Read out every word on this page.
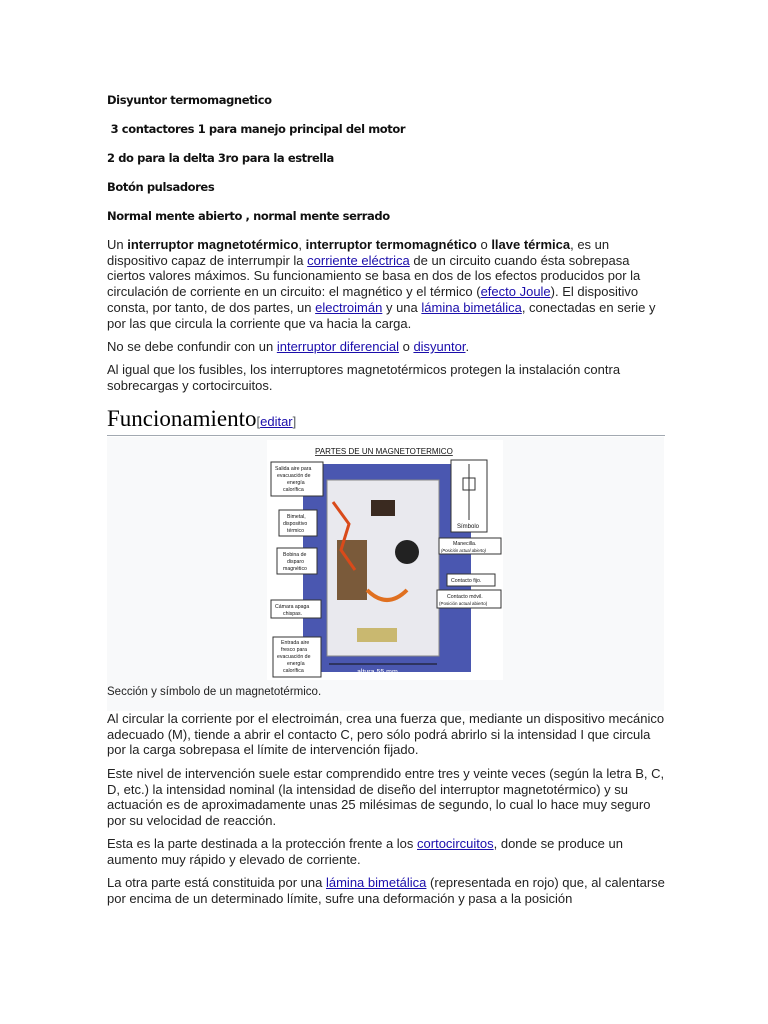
Disyuntor termomagnetico
3 contactores 1 para manejo principal del motor
2 do para la delta 3ro para la estrella
Botón pulsadores
Normal mente abierto , normal mente serrado

Un interruptor magnetotérmico, interruptor termomagnético o llave térmica, es un dispositivo capaz de interrumpir la corriente eléctrica de un circuito cuando ésta sobrepasa ciertos valores máximos. Su funcionamiento se basa en dos de los efectos producidos por la circulación de corriente en un circuito: el magnético y el térmico (efecto Joule). El dispositivo consta, por tanto, de dos partes, un electroimán y una lámina bimetálica, conectadas en serie y por las que circula la corriente que va hacia la carga.

No se debe confundir con un interruptor diferencial o disyuntor.

Al igual que los fusibles, los interruptores magnetotérmicos protegen la instalación contra sobrecargas y cortocircuitos.

Funcionamiento[editar]
PARTES DE UN MAGNETOTERMICO
altura 55 mm.
Símbolo
Salida aire para
evacuación de
energía
calorífica
Bimetal,
dispositivo
térmico
Bobina de
disparo
magnético
Cámara apaga
chispas.
Entrada aire
fresco para
evacuación de
energía
calorífica
Manecilla.
(Posición actual abierto)
Contacto fijo.
Contacto móvil.
(Posición actual abierto)
Sección y símbolo de un magnetotérmico.

Al circular la corriente por el electroimán, crea una fuerza que, mediante un dispositivo mecánico adecuado (M), tiende a abrir el contacto C, pero sólo podrá abrirlo si la intensidad I que circula por la carga sobrepasa el límite de intervención fijado.

Este nivel de intervención suele estar comprendido entre tres y veinte veces (según la letra B, C, D, etc.) la intensidad nominal (la intensidad de diseño del interruptor magnetotérmico) y su actuación es de aproximadamente unas 25 milésimas de segundo, lo cual lo hace muy seguro por su velocidad de reacción.

Esta es la parte destinada a la protección frente a los cortocircuitos, donde se produce un aumento muy rápido y elevado de corriente.

La otra parte está constituida por una lámina bimetálica (representada en rojo) que, al calentarse por encima de un determinado límite, sufre una deformación y pasa a la posición
